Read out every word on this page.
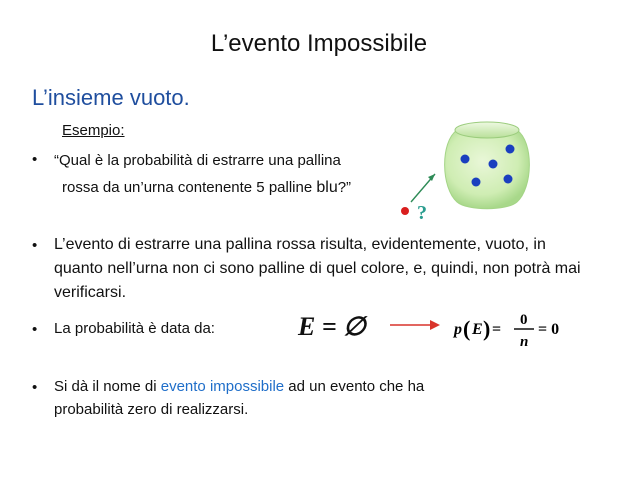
L’evento Impossibile
L’insieme vuoto.
Esempio:
• “Qual è la probabilità di estrarre una pallina
rossa da un’urna contenente 5 palline blu?”
?
• L’evento di estrarre una pallina rossa risulta, evidentemente, vuoto, in quanto nell’urna non ci sono palline di quel colore, e, quindi, non potrà mai verificarsi.
• La probabilità è data da:	E = ∅	p ( E ) =
0
n
= 0
• Si dà il nome di evento impossibile ad un evento che ha
probabilità zero di realizzarsi.
